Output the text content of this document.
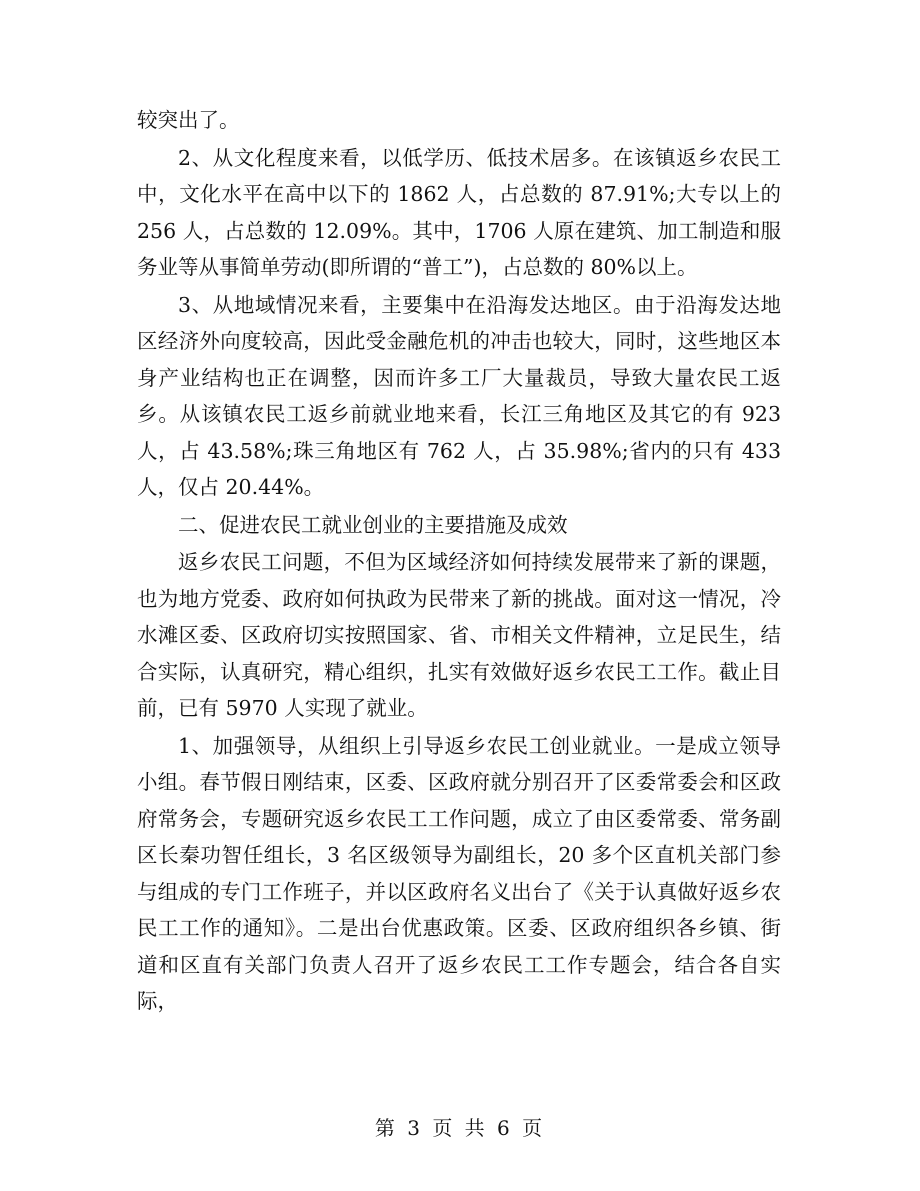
较突出了。

2、从文化程度来看，以低学历、低技术居多。在该镇返乡农民工中，文化水平在高中以下的 1862 人，占总数的 87.91%;大专以上的 256 人，占总数的 12.09%。其中，1706 人原在建筑、加工制造和服务业等从事简单劳动(即所谓的“普工”)，占总数的 80%以上。

3、从地域情况来看，主要集中在沿海发达地区。由于沿海发达地区经济外向度较高，因此受金融危机的冲击也较大，同时，这些地区本身产业结构也正在调整，因而许多工厂大量裁员，导致大量农民工返乡。从该镇农民工返乡前就业地来看，长江三角地区及其它的有 923 人，占 43.58%;珠三角地区有 762 人，占 35.98%;省内的只有 433 人，仅占 20.44%。

二、促进农民工就业创业的主要措施及成效

返乡农民工问题，不但为区域经济如何持续发展带来了新的课题，也为地方党委、政府如何执政为民带来了新的挑战。面对这一情况，冷水滩区委、区政府切实按照国家、省、市相关文件精神，立足民生，结合实际，认真研究，精心组织，扎实有效做好返乡农民工工作。截止目前，已有 5970 人实现了就业。

1、加强领导，从组织上引导返乡农民工创业就业。一是成立领导小组。春节假日刚结束，区委、区政府就分别召开了区委常委会和区政府常务会，专题研究返乡农民工工作问题，成立了由区委常委、常务副区长秦功智任组长，3 名区级领导为副组长，20 多个区直机关部门参与组成的专门工作班子，并以区政府名义出台了《关于认真做好返乡农民工工作的通知》。二是出台优惠政策。区委、区政府组织各乡镇、街道和区直有关部门负责人召开了返乡农民工工作专题会，结合各自实际，

第 3 页 共 6 页
